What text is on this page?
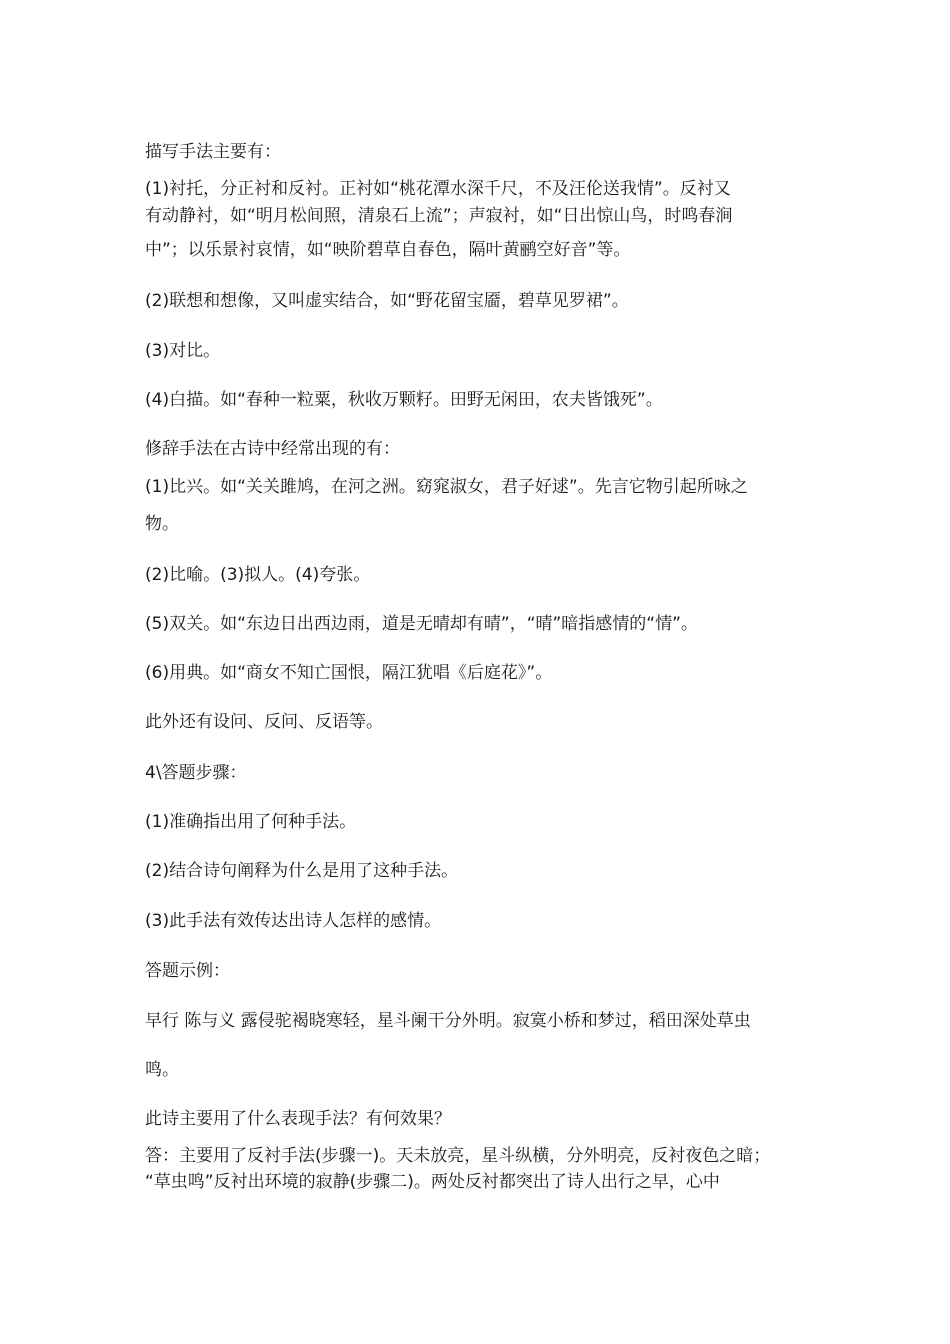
描写手法主要有：
(1)衬托，分正衬和反衬。正衬如“桃花潭水深千尺，不及汪伦送我情”。反衬又
有动静衬，如“明月松间照，清泉石上流”；声寂衬，如“日出惊山鸟，时鸣春涧
中”；以乐景衬哀情，如“映阶碧草自春色，隔叶黄鹂空好音”等。
(2)联想和想像，又叫虚实结合，如“野花留宝靥，碧草见罗裙”。
(3)对比。
(4)白描。如“春种一粒粟，秋收万颗籽。田野无闲田，农夫皆饿死”。
修辞手法在古诗中经常出现的有：
(1)比兴。如“关关雎鸠，在河之洲。窈窕淑女，君子好逑”。先言它物引起所咏之
物。
(2)比喻。(3)拟人。(4)夸张。
(5)双关。如“东边日出西边雨，道是无晴却有晴”，“晴”暗指感情的“情”。
(6)用典。如“商女不知亡国恨，隔江犹唱《后庭花》”。
此外还有设问、反问、反语等。
4\答题步骤：
(1)准确指出用了何种手法。
(2)结合诗句阐释为什么是用了这种手法。
(3)此手法有效传达出诗人怎样的感情。
答题示例：
早行 陈与义 露侵驼褐晓寒轻，星斗阑干分外明。寂寞小桥和梦过，稻田深处草虫
鸣。
此诗主要用了什么表现手法？有何效果？
答：主要用了反衬手法(步骤一)。天未放亮，星斗纵横，分外明亮，反衬夜色之暗；
“草虫鸣”反衬出环境的寂静(步骤二)。两处反衬都突出了诗人出行之早，心中
